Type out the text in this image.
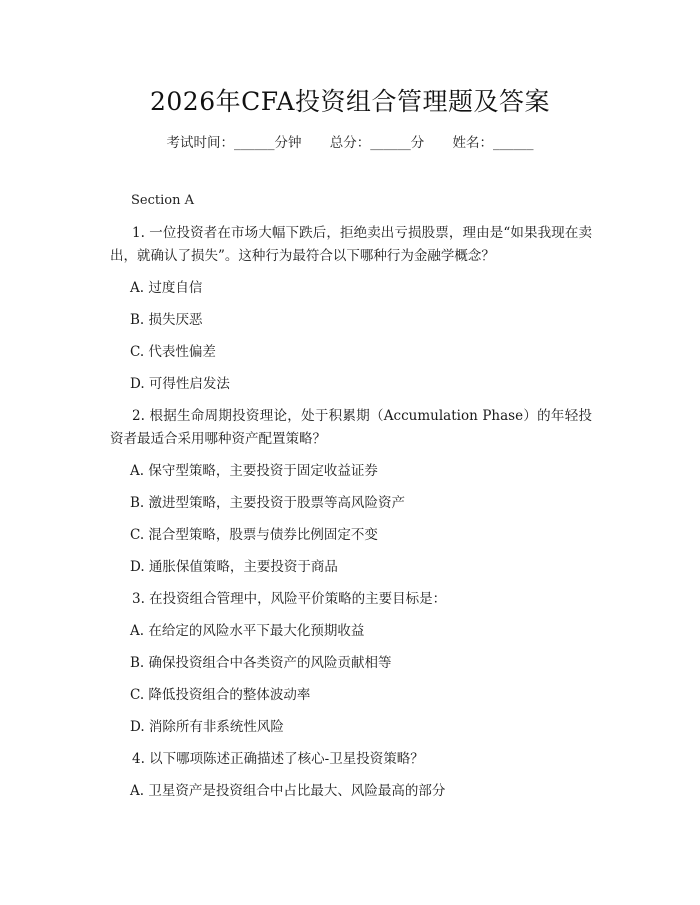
2026年CFA投资组合管理题及答案
考试时间：______分钟 总分：______分 姓名：______
Section A

1. 一位投资者在市场大幅下跌后，拒绝卖出亏损股票，理由是“如果我现在卖出，就确认了损失”。这种行为最符合以下哪种行为金融学概念？

A. 过度自信
B. 损失厌恶
C. 代表性偏差
D. 可得性启发法

2. 根据生命周期投资理论，处于积累期（Accumulation Phase）的年轻投资者最适合采用哪种资产配置策略？

A. 保守型策略，主要投资于固定收益证券
B. 激进型策略，主要投资于股票等高风险资产
C. 混合型策略，股票与债券比例固定不变
D. 通胀保值策略，主要投资于商品

3. 在投资组合管理中，风险平价策略的主要目标是：

A. 在给定的风险水平下最大化预期收益
B. 确保投资组合中各类资产的风险贡献相等
C. 降低投资组合的整体波动率
D. 消除所有非系统性风险

4. 以下哪项陈述正确描述了核心-卫星投资策略？

A. 卫星资产是投资组合中占比最大、风险最高的部分
